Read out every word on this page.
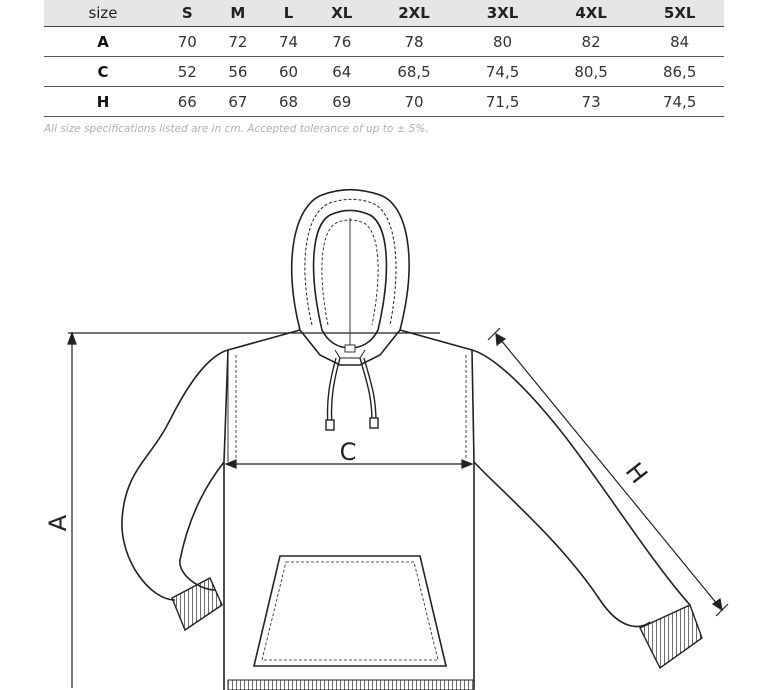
size	S	M	L	XL	2XL	3XL	4XL	5XL
A	70	72	74	76	78	80	82	84
C	52	56	60	64	68,5	74,5	80,5	86,5
H	66	67	68	69	70	71,5	73	74,5
All size specifications listed are in cm. Accepted tolerance of up to ± 5%.
A
C
H
